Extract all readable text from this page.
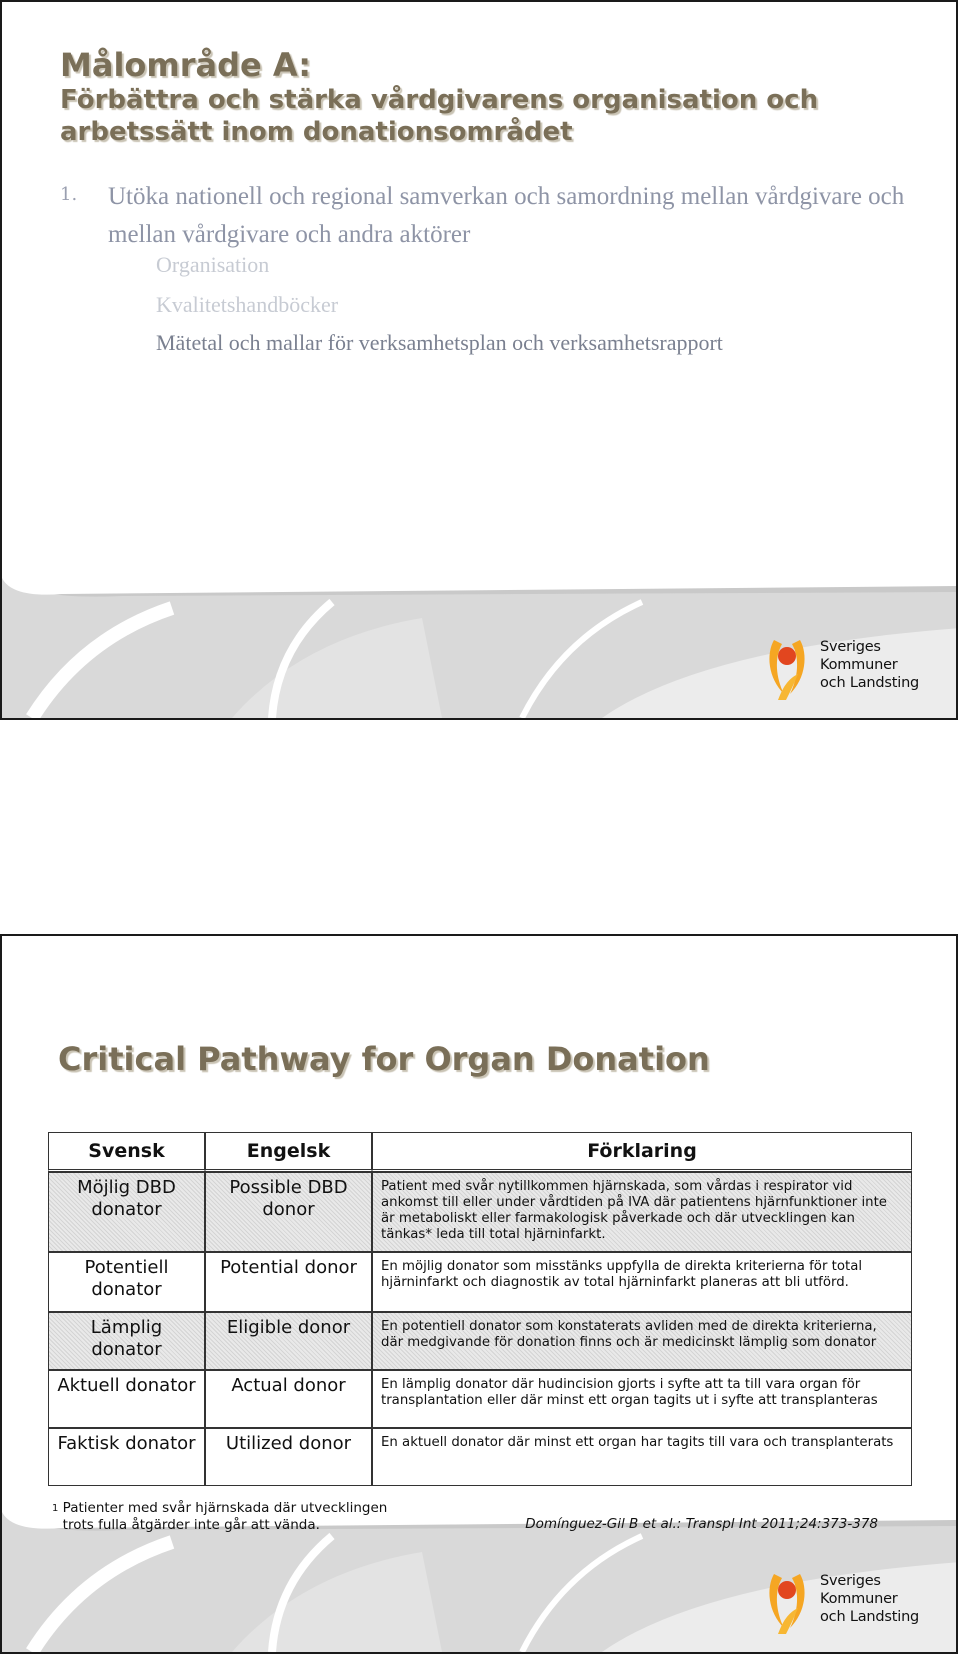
Målområde A:
Förbättra och stärka vårdgivarens organisation och arbetssätt inom donationsområdet
1. Utöka nationell och regional samverkan och samordning mellan vårdgivare och mellan vårdgivare och andra aktörer
Organisation
Kvalitetshandböcker
Mätetal och mallar för verksamhetsplan och verksamhetsrapport
Sveriges
Kommuner
och Landsting
Sveriges
Kommuner
och Landsting
Critical Pathway for Organ Donation
Svensk	Engelsk	Förklaring
Möjlig DBD donator	Possible DBD donor	Patient med svår nytillkommen hjärnskada, som vårdas i respirator vid ankomst till eller under vårdtiden på IVA där patientens hjärnfunktioner inte är metaboliskt eller farmakologisk påverkade och där utvecklingen kan tänkas* leda till total hjärninfarkt.
Potentiell donator	Potential donor	En möjlig donator som misstänks uppfylla de direkta kriterierna för total hjärninfarkt och diagnostik av total hjärninfarkt planeras att bli utförd.
Lämplig donator	Eligible donor	En potentiell donator som konstaterats avliden med de direkta kriterierna, där medgivande för donation finns och är medicinskt lämplig som donator
Aktuell donator	Actual donor	En lämplig donator där hudincision gjorts i syfte att ta till vara organ för transplantation eller där minst ett organ tagits ut i syfte att transplanteras
Faktisk donator	Utilized donor	En aktuell donator där minst ett organ har tagits till vara och transplanterats
$^1$ Patienter med svår hjärnskada där utvecklingen trots fulla åtgärder inte går att vända.	Domínguez-Gil B et al.: Transpl Int 2011;24:373-378
